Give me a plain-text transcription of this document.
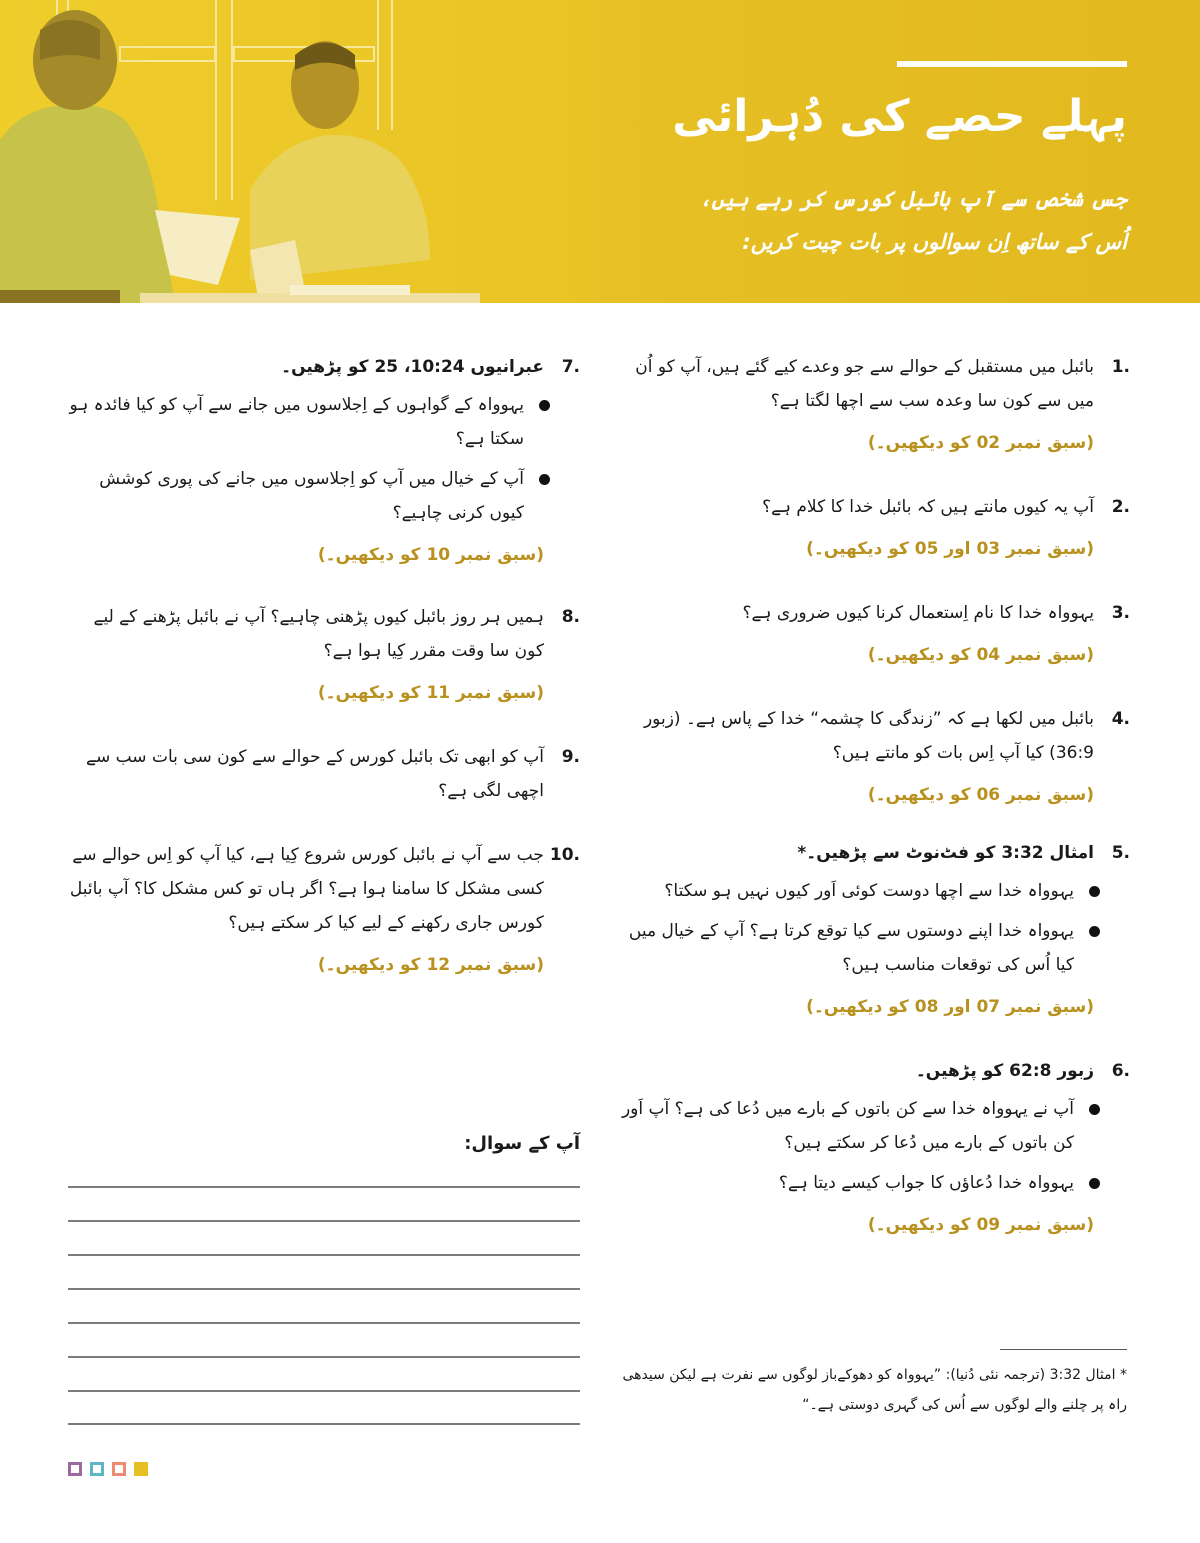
پہلے حصے کی دُہرائی
جس شخص سے آپ بائبل کورس کر رہے ہیں،
اُس کے ساتھ اِن سوالوں پر بات چیت کریں:
1.
بائبل میں مستقبل کے حوالے سے جو وعدے کیے گئے ہیں، آپ کو اُن میں سے کون سا وعدہ سب سے اچھا لگتا ہے؟
(سبق نمبر 02 کو دیکھیں۔)
2.
آپ یہ کیوں مانتے ہیں کہ بائبل خدا کا کلام ہے؟
(سبق نمبر 03 اور 05 کو دیکھیں۔)
3.
یہوواہ خدا کا نام اِستعمال کرنا کیوں ضروری ہے؟
(سبق نمبر 04 کو دیکھیں۔)
4.
بائبل میں لکھا ہے کہ ”زندگی کا چشمہ“ خدا کے پاس ہے۔ (زبور 36:9) کیا آپ اِس بات کو مانتے ہیں؟
(سبق نمبر 06 کو دیکھیں۔)
5.
امثال 3:32 کو فٹ‌نوٹ سے پڑھیں۔*
یہوواہ خدا سے اچھا دوست کوئی اَور کیوں نہیں ہو سکتا؟
یہوواہ خدا اپنے دوستوں سے کیا توقع کرتا ہے؟ آپ کے خیال میں کیا اُس کی توقعات مناسب ہیں؟
(سبق نمبر 07 اور 08 کو دیکھیں۔)
6.
زبور 62:8 کو پڑھیں۔
آپ نے یہوواہ خدا سے کن باتوں کے بارے میں دُعا کی ہے؟ آپ اَور کن باتوں کے بارے میں دُعا کر سکتے ہیں؟
یہوواہ خدا دُعاؤں کا جواب کیسے دیتا ہے؟
(سبق نمبر 09 کو دیکھیں۔)
* امثال 3:32 (ترجمہ نئی دُنیا): ”یہوواہ کو دھوکے‌باز لوگوں سے نفرت ہے لیکن سیدھی راہ پر چلنے والے لوگوں سے اُس کی گہری دوستی ہے۔“
7.
عبرانیوں 10:24، 25 کو پڑھیں۔
یہوواہ کے گواہوں کے اِجلاسوں میں جانے سے آپ کو کیا فائدہ ہو سکتا ہے؟
آپ کے خیال میں آپ کو اِجلاسوں میں جانے کی پوری کوشش کیوں کرنی چاہیے؟
(سبق نمبر 10 کو دیکھیں۔)
8.
ہمیں ہر روز بائبل کیوں پڑھنی چاہیے؟ آپ نے بائبل پڑھنے کے لیے کون سا وقت مقرر کِیا ہوا ہے؟
(سبق نمبر 11 کو دیکھیں۔)
9.
آپ کو ابھی تک بائبل کورس کے حوالے سے کون سی بات سب سے اچھی لگی ہے؟
10.
جب سے آپ نے بائبل کورس شروع کِیا ہے، کیا آپ کو اِس حوالے سے کسی مشکل کا سامنا ہوا ہے؟ اگر ہاں تو کس مشکل کا؟ آپ بائبل کورس جاری رکھنے کے لیے کیا کر سکتے ہیں؟
(سبق نمبر 12 کو دیکھیں۔)
آپ کے سوال:
